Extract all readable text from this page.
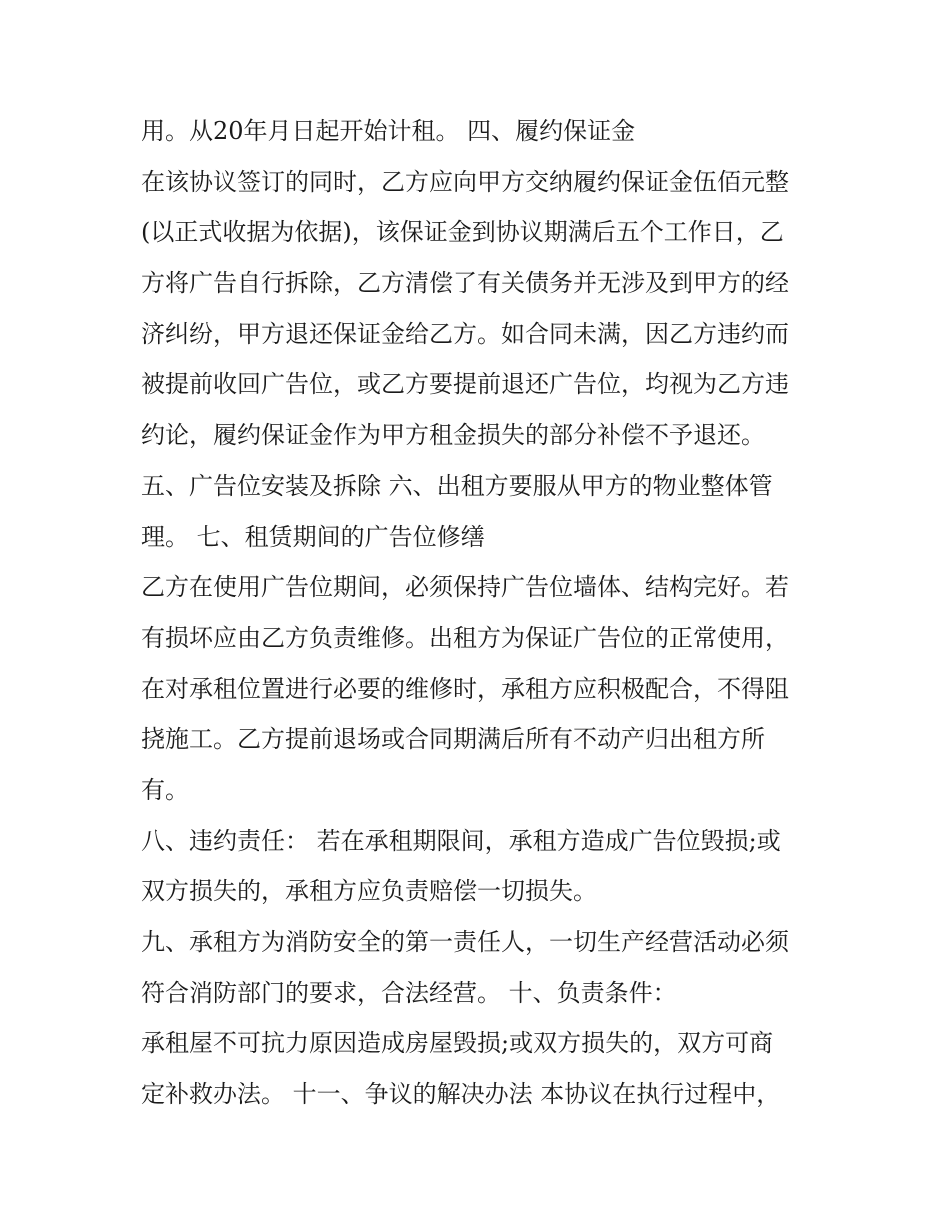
用。从20年月日起开始计租。 四、履约保证金
在该协议签订的同时，乙方应向甲方交纳履约保证金伍佰元整
(以正式收据为依据)，该保证金到协议期满后五个工作日，乙
方将广告自行拆除，乙方清偿了有关债务并无涉及到甲方的经
济纠纷，甲方退还保证金给乙方。如合同未满，因乙方违约而
被提前收回广告位，或乙方要提前退还广告位，均视为乙方违
约论，履约保证金作为甲方租金损失的部分补偿不予退还。
五、广告位安装及拆除 六、出租方要服从甲方的物业整体管
理。 七、租赁期间的广告位修缮
乙方在使用广告位期间，必须保持广告位墙体、结构完好。若
有损坏应由乙方负责维修。出租方为保证广告位的正常使用，
在对承租位置进行必要的维修时，承租方应积极配合，不得阻
挠施工。乙方提前退场或合同期满后所有不动产归出租方所
有。
八、违约责任： 若在承租期限间，承租方造成广告位毁损;或
双方损失的，承租方应负责赔偿一切损失。
九、承租方为消防安全的第一责任人，一切生产经营活动必须
符合消防部门的要求，合法经营。 十、负责条件：
承租屋不可抗力原因造成房屋毁损;或双方损失的，双方可商
定补救办法。 十一、争议的解决办法 本协议在执行过程中，
